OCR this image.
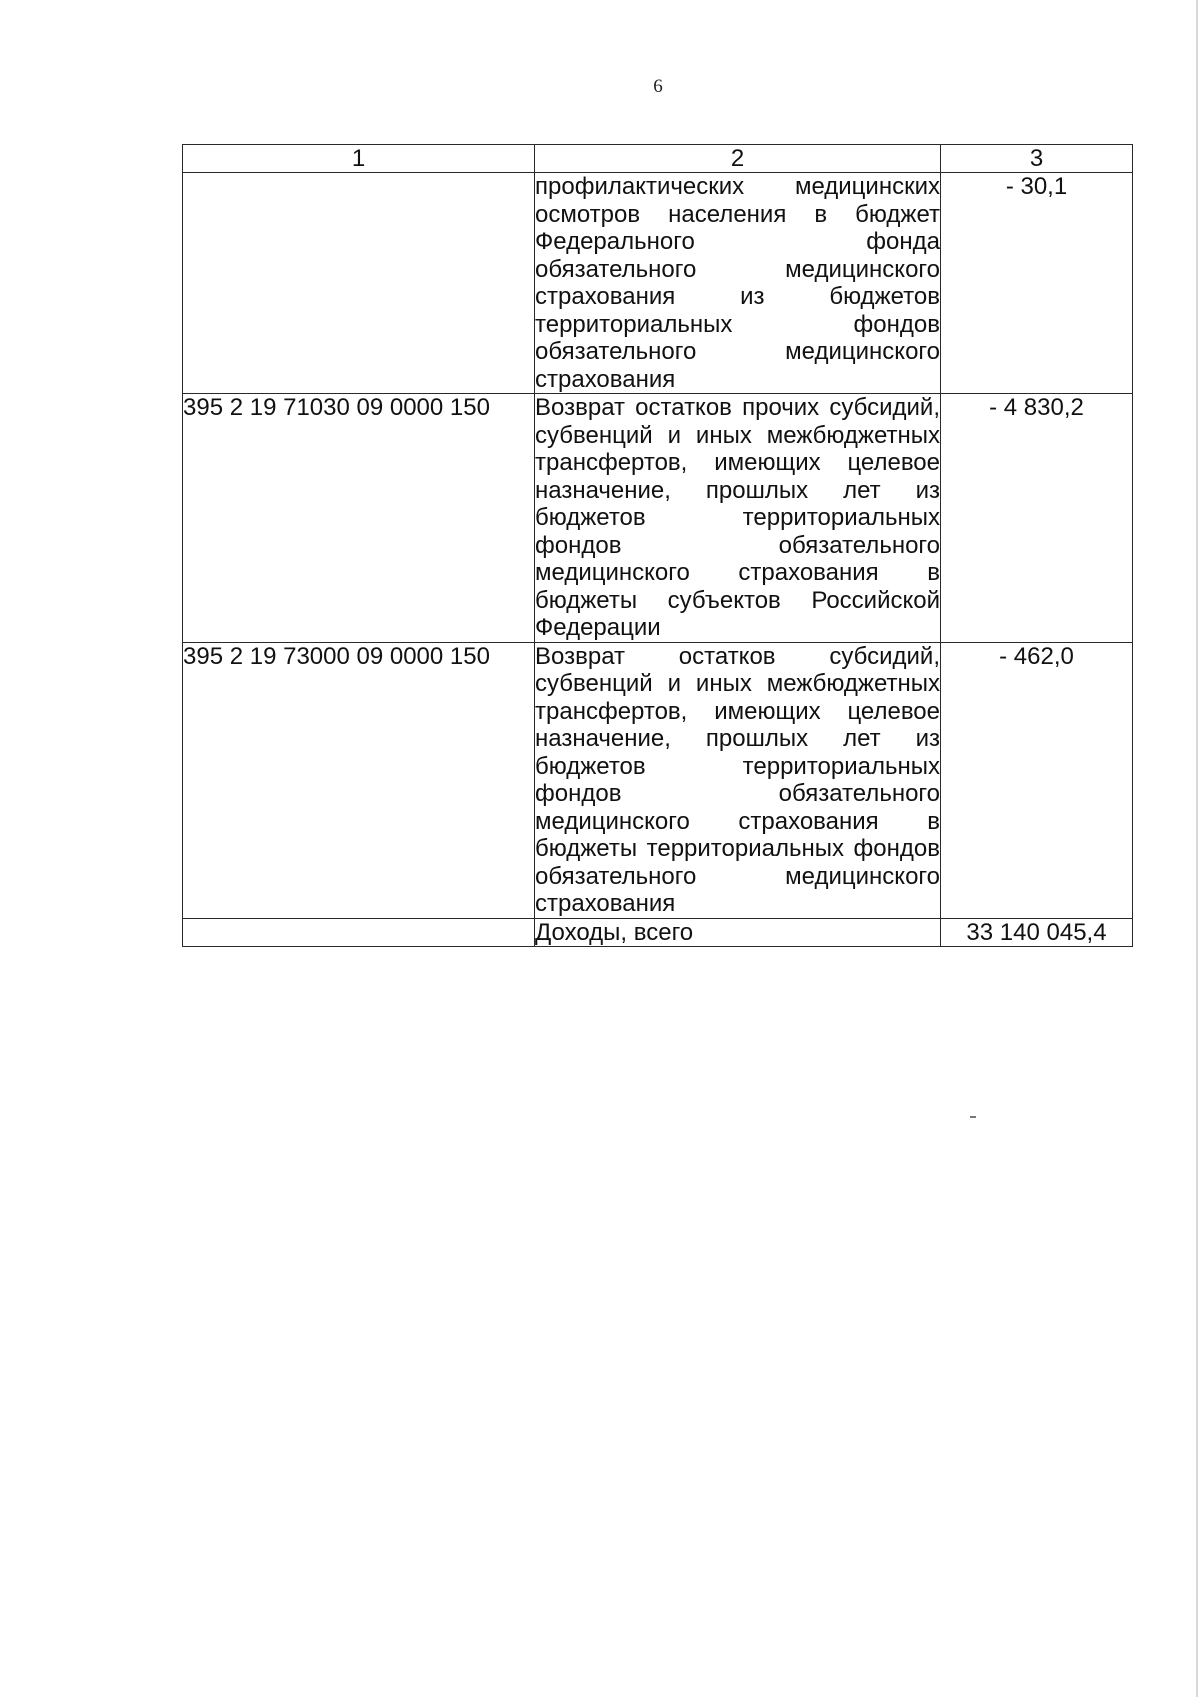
6
1	2	3

	профилактических медицинских осмотров населения в бюджет Федерального фонда обязательного медицинского страхования из бюджетов территориальных фондов обязательного медицинского страхования	- 30,1
395 2 19 71030 09 0000 150	Возврат остатков прочих субсидий, субвенций и иных межбюджетных трансфертов, имеющих целевое назначение, прошлых лет из бюджетов территориальных фондов обязательного медицинского страхования в бюджеты субъектов Российской Федерации	- 4 830,2
395 2 19 73000 09 0000 150	Возврат остатков субсидий, субвенций и иных межбюджетных трансфертов, имеющих целевое назначение, прошлых лет из бюджетов территориальных фондов обязательного медицинского страхования в бюджеты территориальных фондов обязательного медицинского страхования	- 462,0
	Доходы, всего	33 140 045,4
